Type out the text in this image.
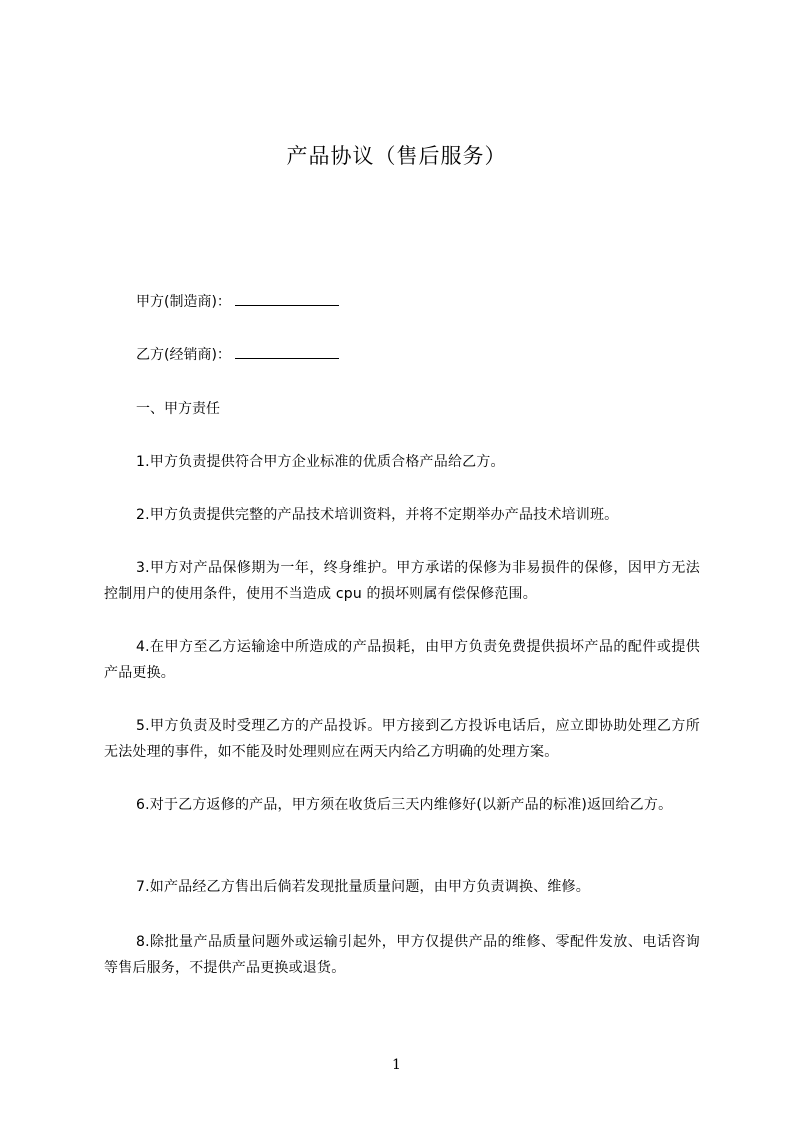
产品协议（售后服务）
甲方(制造商)：
乙方(经销商)：
一、甲方责任
1.甲方负责提供符合甲方企业标准的优质合格产品给乙方。
2.甲方负责提供完整的产品技术培训资料，并将不定期举办产品技术培训班。
3.甲方对产品保修期为一年，终身维护。甲方承诺的保修为非易损件的保修，因甲方无法控制用户的使用条件，使用不当造成 cpu 的损坏则属有偿保修范围。
4.在甲方至乙方运输途中所造成的产品损耗，由甲方负责免费提供损坏产品的配件或提供产品更换。
5.甲方负责及时受理乙方的产品投诉。甲方接到乙方投诉电话后，应立即协助处理乙方所无法处理的事件，如不能及时处理则应在两天内给乙方明确的处理方案。
6.对于乙方返修的产品，甲方须在收货后三天内维修好(以新产品的标准)返回给乙方。
7.如产品经乙方售出后倘若发现批量质量问题，由甲方负责调换、维修。
8.除批量产品质量问题外或运输引起外，甲方仅提供产品的维修、零配件发放、电话咨询等售后服务，不提供产品更换或退货。
1
